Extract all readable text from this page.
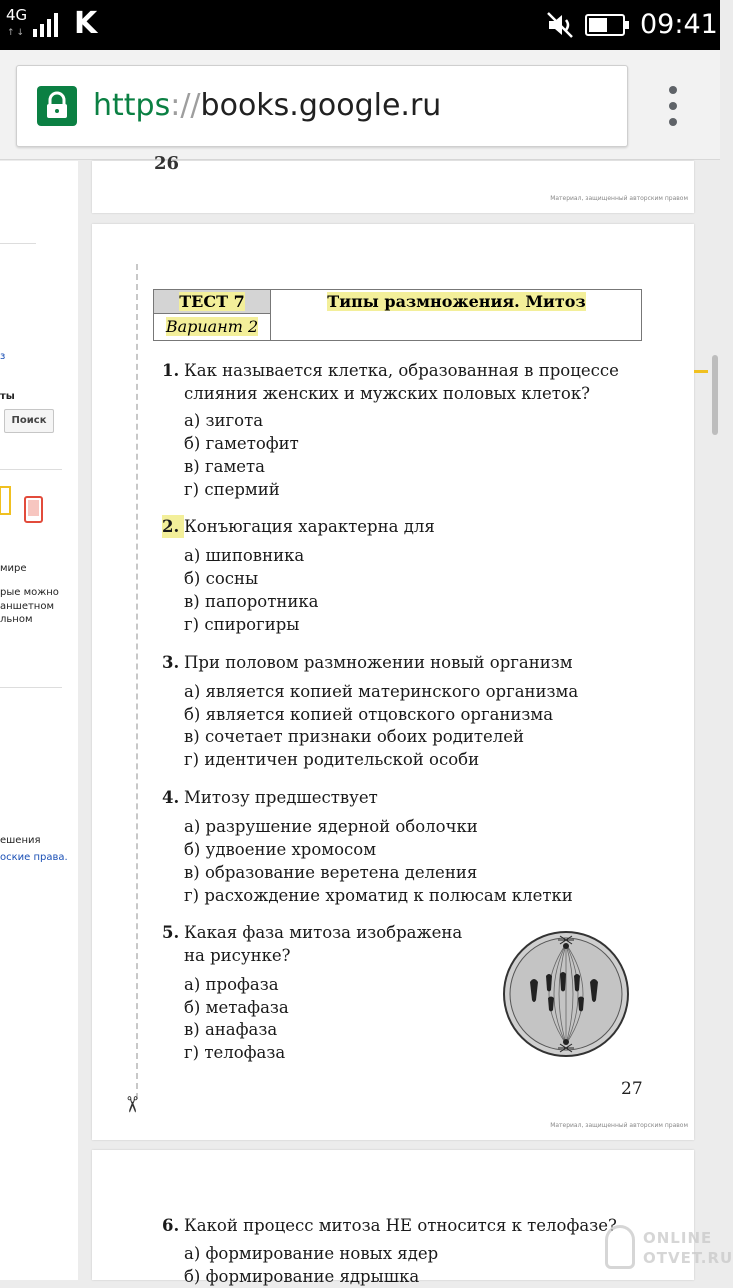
4G
↑↓ K	09:41
https://books.google.ru
з
ты
Поиск
мире
рые можно
аншетном
льном
ешения
оские права.
26
Материал, защищенный авторским правом
✂
ТЕСТ 7
Вариант 2
Типы размножения. Митоз
1. Как называется клетка, образованная в процессе
слияния женских и мужских половых клеток?
а) зигота
б) гаметофит
в) гамета
г) спермий
2. Конъюгация характерна для
а) шиповника
б) сосны
в) папоротника
г) спирогиры
3. При половом размножении новый организм
а) является копией материнского организма
б) является копией отцовского организма
в) сочетает признаки обоих родителей
г) идентичен родительской особи
4. Митозу предшествует
а) разрушение ядерной оболочки
б) удвоение хромосом
в) образование веретена деления
г) расхождение хроматид к полюсам клетки
5. Какая фаза митоза изображена
на рисунке?
а) профаза
б) метафаза
в) анафаза
г) телофаза
27
Материал, защищенный авторским правом
6. Какой процесс митоза НЕ относится к телофазе?
а) формирование новых ядер
б) формирование ядрышка
ONLINE
OTVET.RU
